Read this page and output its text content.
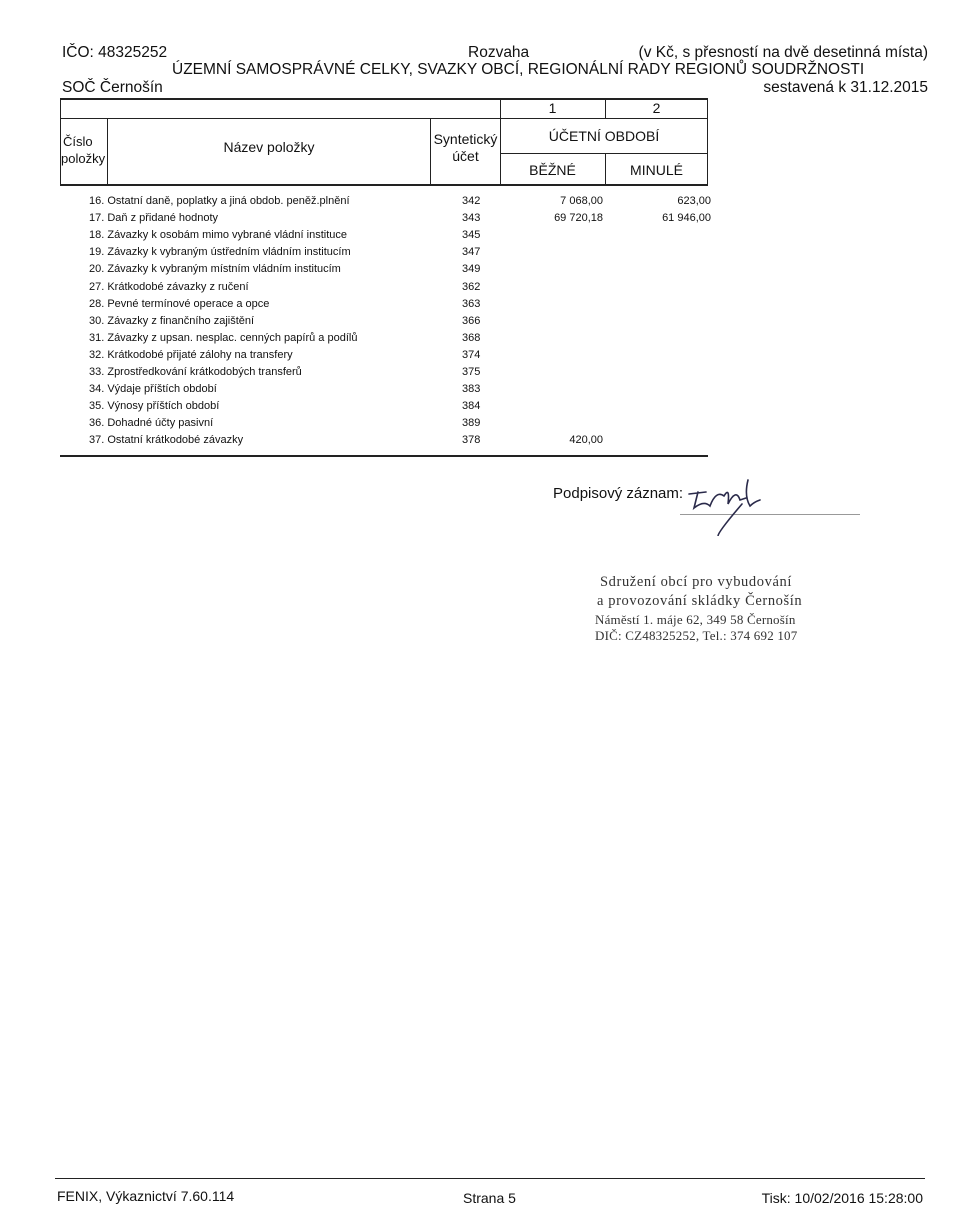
IČO: 48325252	Rozvaha	(v Kč, s přesností na dvě desetinná místa)
ÚZEMNÍ SAMOSPRÁVNÉ CELKY, SVAZKY OBCÍ, REGIONÁLNÍ RADY REGIONŮ SOUDRŽNOSTI
SOČ Černošín	sestavená k 31.12.2015
1	2
Číslo
položky
Název položky	Syntetický
účet
ÚČETNÍ OBDOBÍ
BĚŽNÉ	MINULÉ
16. Ostatní daně, poplatky a jiná obdob. peněž.plnění	342	7 068,00	623,00
17. Daň z přidané hodnoty	343	69 720,18	61 946,00
18. Závazky k osobám mimo vybrané vládní instituce	345
19. Závazky k vybraným ústředním vládním institucím	347
20. Závazky k vybraným místním vládním institucím	349
27. Krátkodobé závazky z ručení	362
28. Pevné termínové operace a opce	363
30. Závazky z finančního zajištění	366
31. Závazky z upsan. nesplac. cenných papírů a podílů	368
32. Krátkodobé přijaté zálohy na transfery	374
33. Zprostředkování krátkodobých transferů	375
34. Výdaje příštích období	383
35. Výnosy příštích období	384
36. Dohadné účty pasivní	389
37. Ostatní krátkodobé závazky	378	420,00
Podpisový záznam:
Sdružení obcí pro vybudování
a provozování skládky Černošín
Náměstí 1. máje 62, 349 58 Černošín
DIČ: CZ48325252, Tel.: 374 692 107
FENIX, Výkaznictví 7.60.114	Strana 5	Tisk: 10/02/2016 15:28:00
